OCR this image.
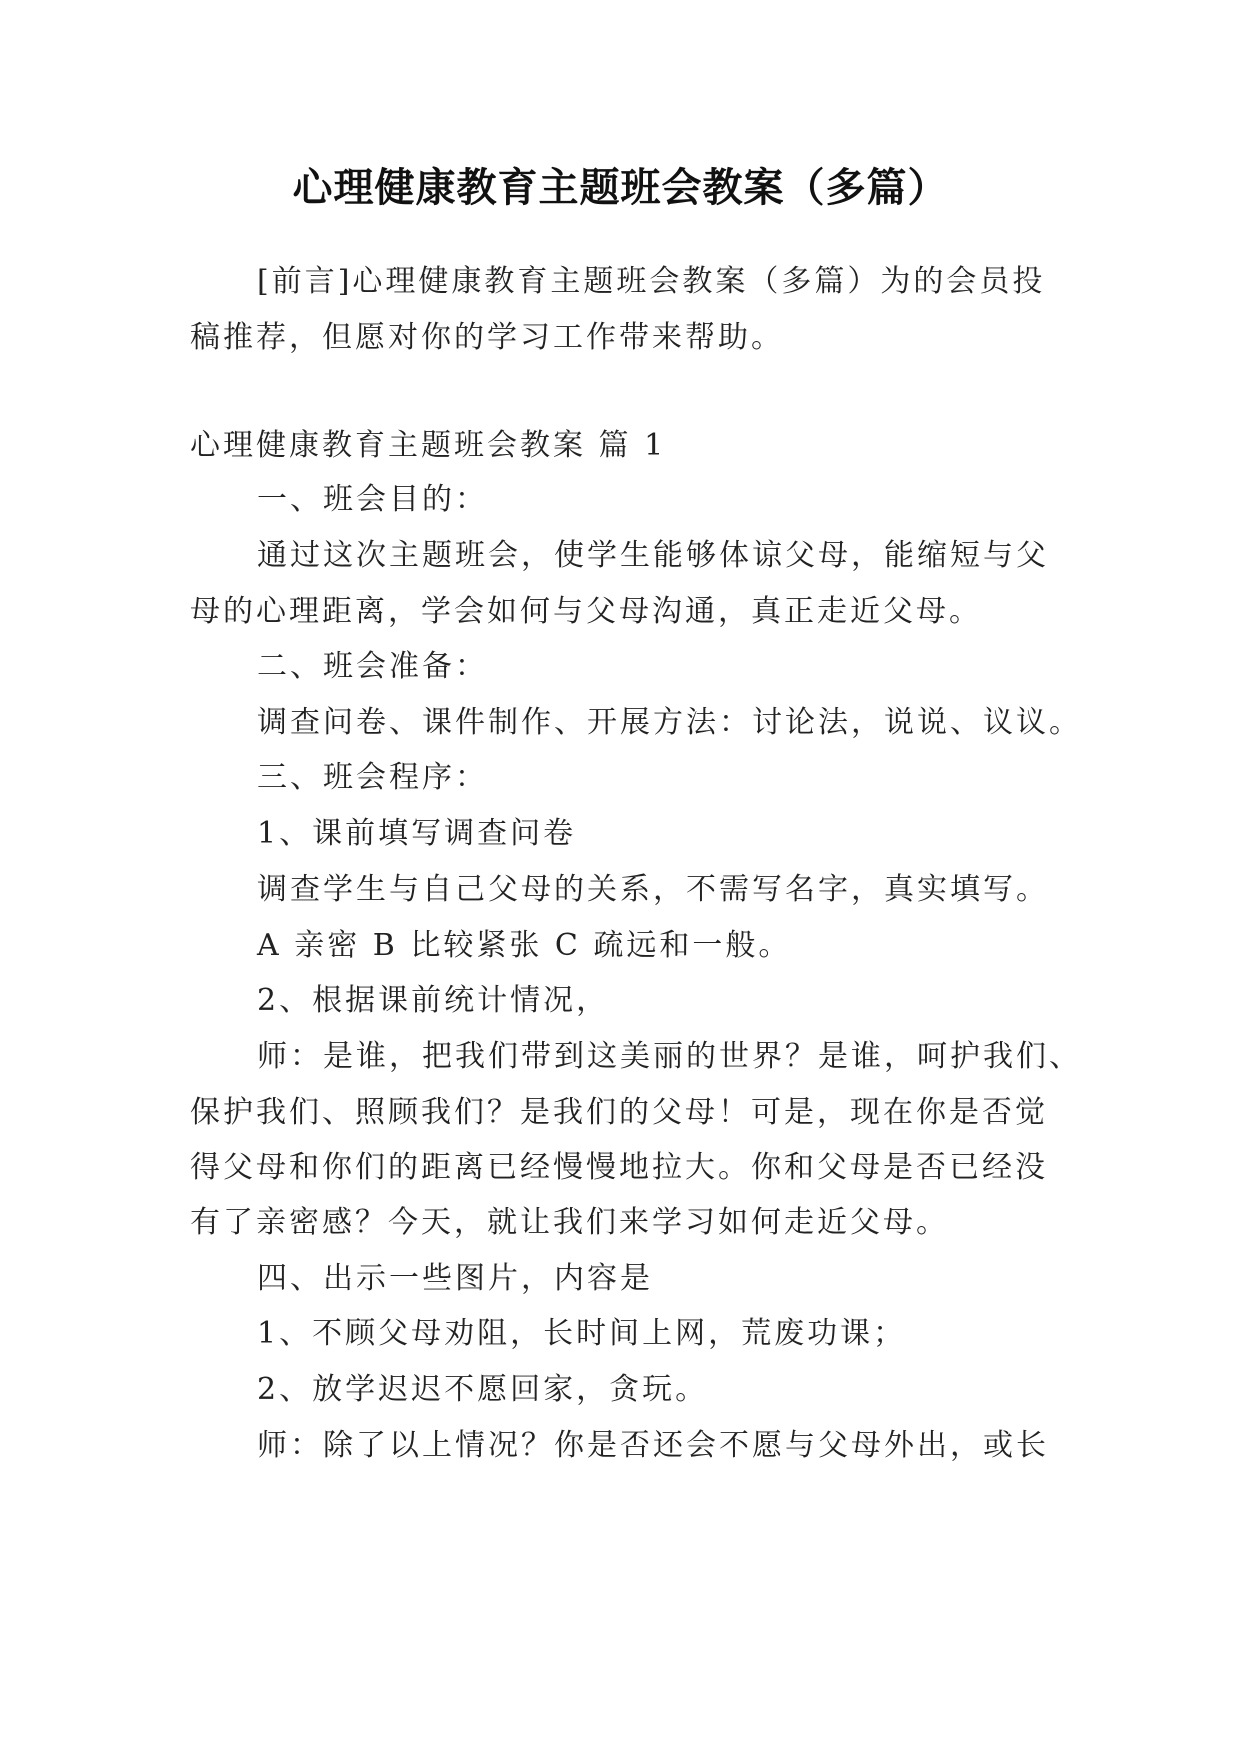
心理健康教育主题班会教案（多篇）
[前言]心理健康教育主题班会教案（多篇）为的会员投
稿推荐，但愿对你的学习工作带来帮助。
心理健康教育主题班会教案 篇 1
一、班会目的：
通过这次主题班会，使学生能够体谅父母，能缩短与父
母的心理距离，学会如何与父母沟通，真正走近父母。
二、班会准备：
调查问卷、课件制作、开展方法：讨论法，说说、议议。
三、班会程序：
1、课前填写调查问卷
调查学生与自己父母的关系，不需写名字，真实填写。
A 亲密 B 比较紧张 C 疏远和一般。
2、根据课前统计情况，
师：是谁，把我们带到这美丽的世界？是谁，呵护我们、
保护我们、照顾我们？是我们的父母！可是，现在你是否觉
得父母和你们的距离已经慢慢地拉大。你和父母是否已经没
有了亲密感？今天，就让我们来学习如何走近父母。
四、出示一些图片，内容是
1、不顾父母劝阻，长时间上网，荒废功课；
2、放学迟迟不愿回家，贪玩。
师：除了以上情况？你是否还会不愿与父母外出，或长
